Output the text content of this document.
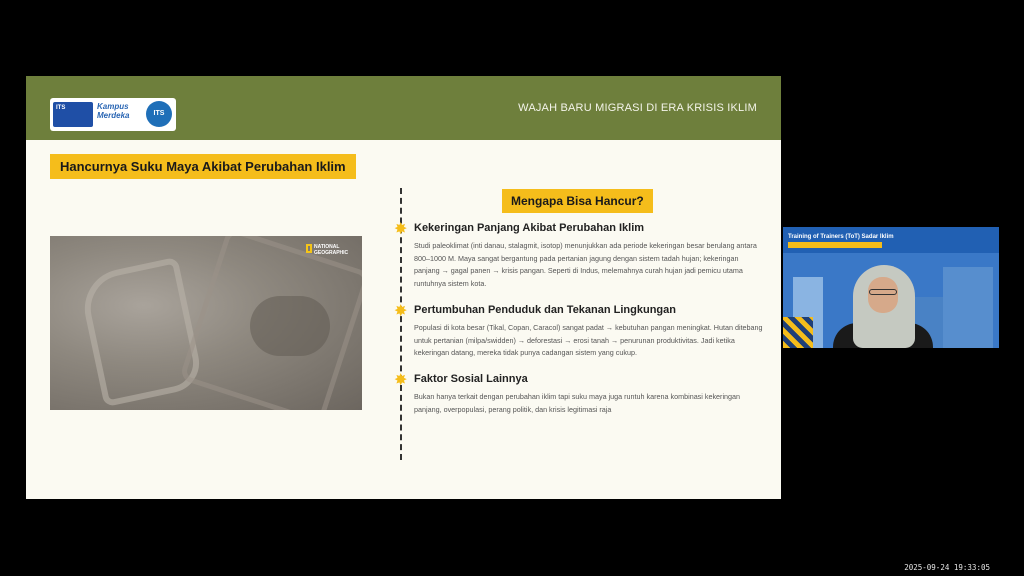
ITS	Kampus Merdeka	ITS	WAJAH BARU MIGRASI DI ERA KRISIS IKLIM
Hancurnya Suku Maya Akibat Perubahan Iklim
NATIONAL GEOGRAPHIC
Mengapa Bisa Hancur?
✸ Kekeringan Panjang Akibat Perubahan Iklim
Studi paleoklimat (inti danau, stalagmit, isotop) menunjukkan ada periode kekeringan besar berulang antara 800–1000 M. Maya sangat bergantung pada pertanian jagung dengan sistem tadah hujan; kekeringan panjang → gagal panen → krisis pangan. Seperti di Indus, melemahnya curah hujan jadi pemicu utama runtuhnya sistem kota.
✸ Pertumbuhan Penduduk dan Tekanan Lingkungan
Populasi di kota besar (Tikal, Copan, Caracol) sangat padat → kebutuhan pangan meningkat. Hutan ditebang untuk pertanian (milpa/swidden) → deforestasi → erosi tanah → penurunan produktivitas. Jadi ketika kekeringan datang, mereka tidak punya cadangan sistem yang cukup.
✸ Faktor Sosial Lainnya
Bukan hanya terkait dengan perubahan iklim tapi suku maya juga runtuh karena kombinasi kekeringan panjang, overpopulasi, perang politik, dan krisis legitimasi raja
Training of Trainers (ToT) Sadar Iklim

2025-09-24 19:33:05
